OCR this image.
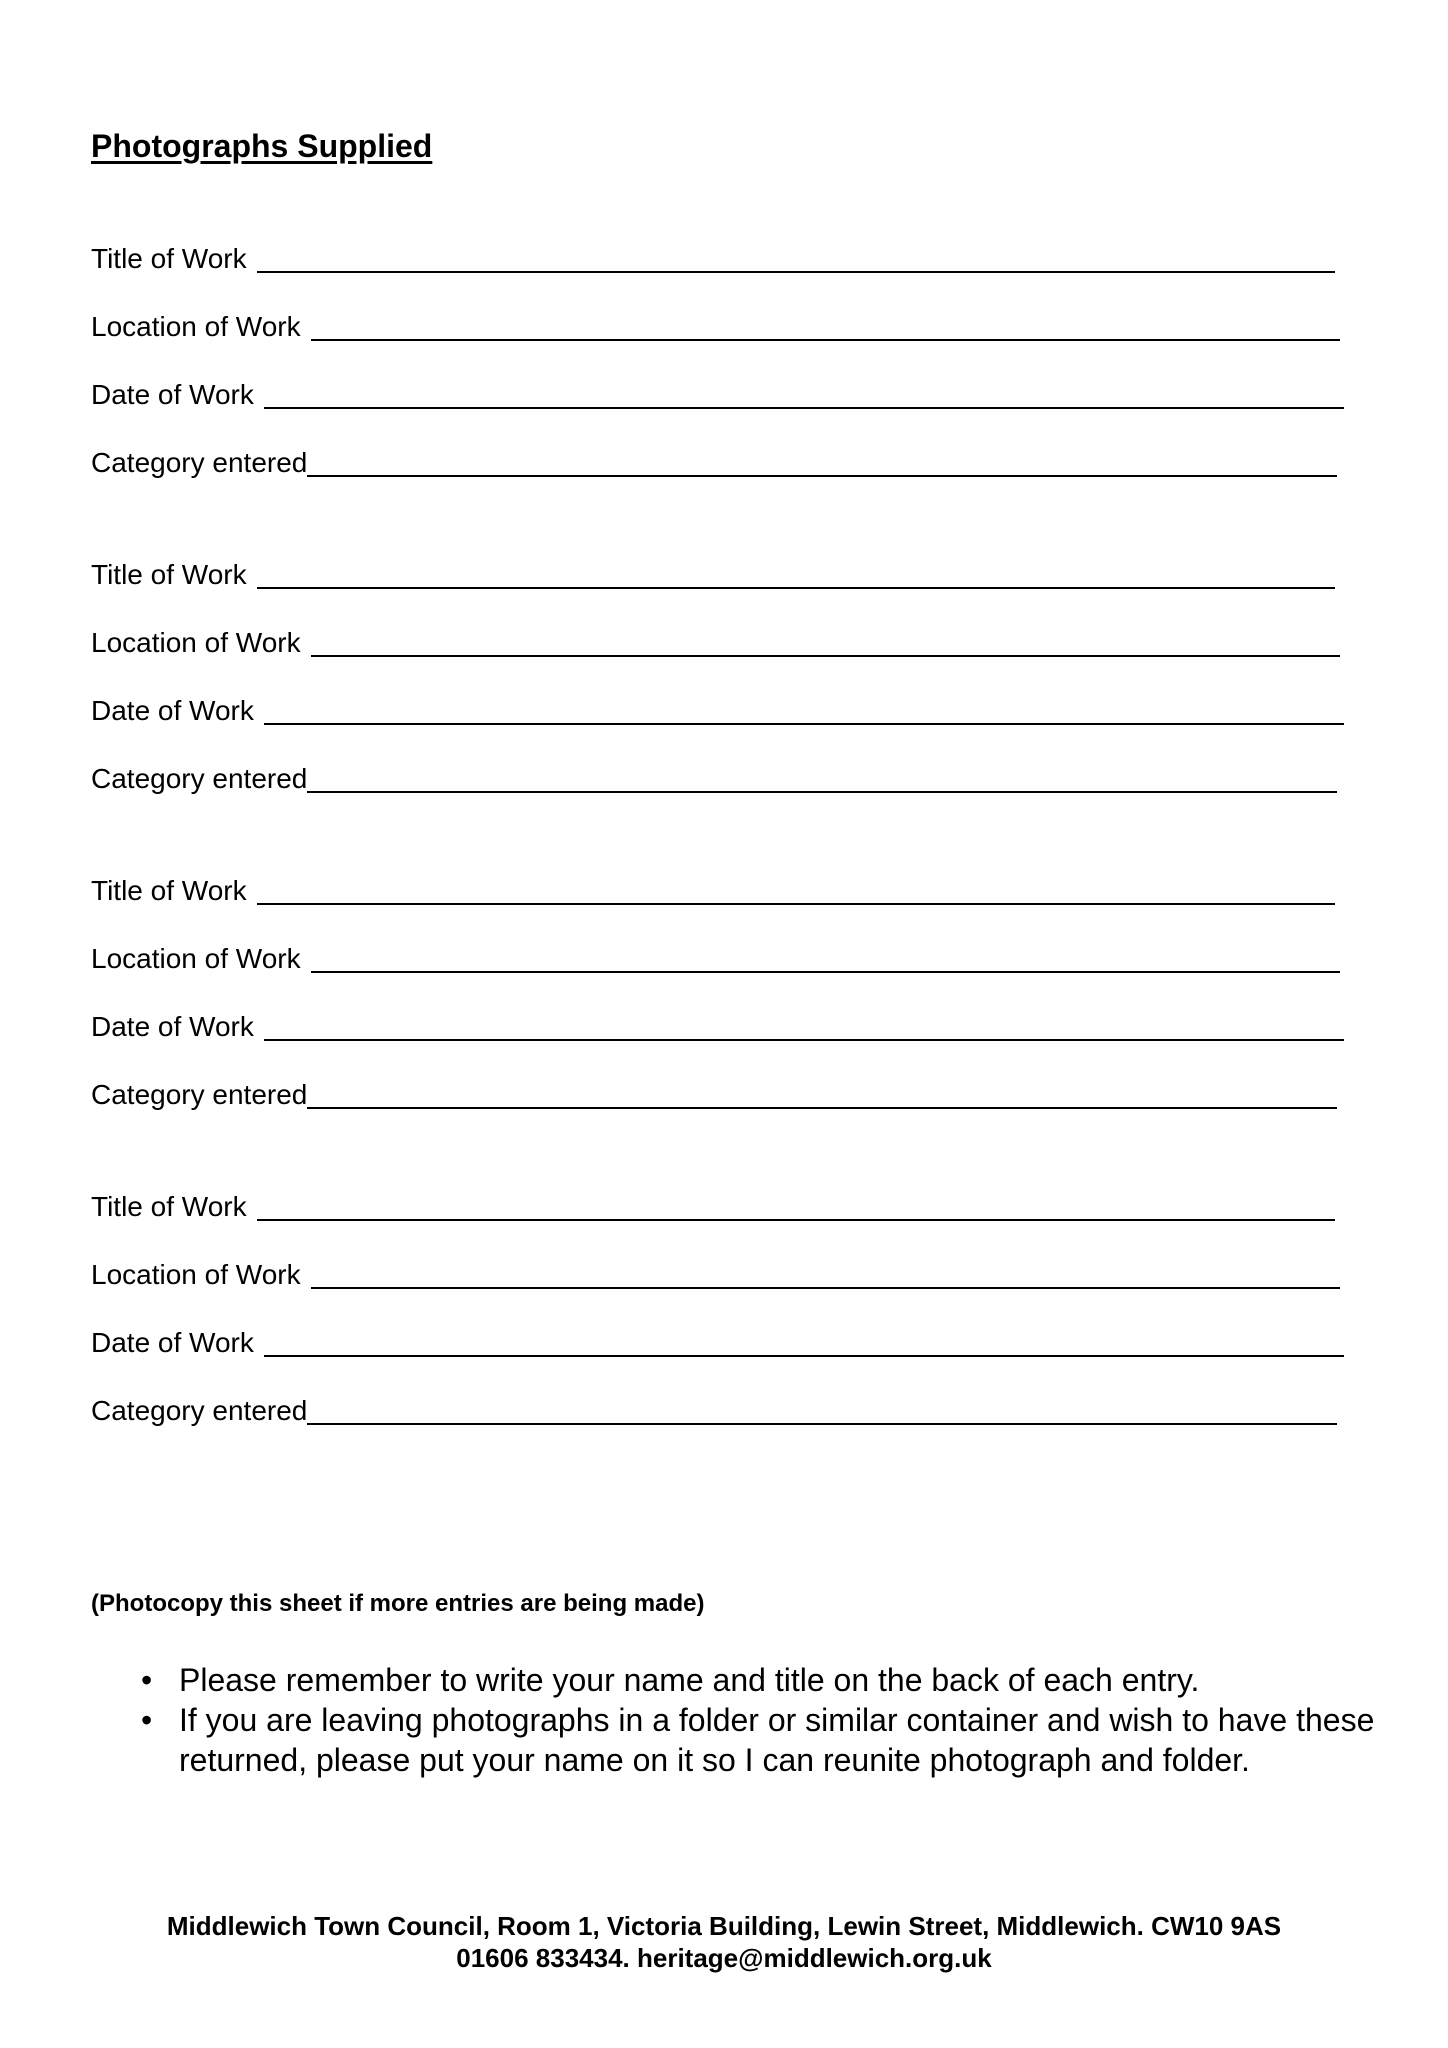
Photographs Supplied
Title of Work
Location of Work
Date of Work
Category entered
Title of Work
Location of Work
Date of Work
Category entered
Title of Work
Location of Work
Date of Work
Category entered
Title of Work
Location of Work
Date of Work
Category entered
(Photocopy this sheet if more entries are being made)
• Please remember to write your name and title on the back of each entry.
• If you are leaving photographs in a folder or similar container and wish to have these returned, please put your name on it so I can reunite photograph and folder.
Middlewich Town Council, Room 1, Victoria Building, Lewin Street, Middlewich. CW10 9AS
01606 833434. heritage@middlewich.org.uk
